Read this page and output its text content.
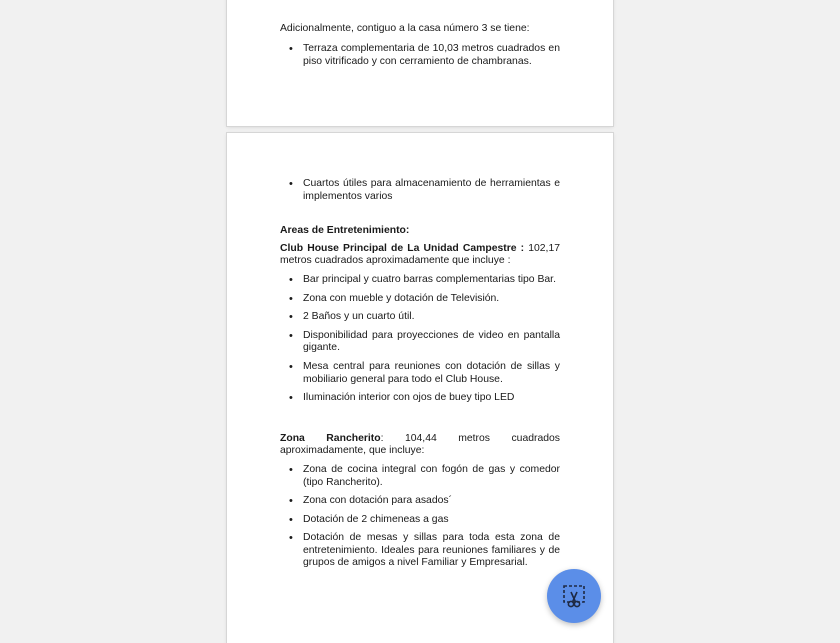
•

Adicionalmente, contiguo a la casa número 3 se tiene:

• Terraza complementaria de 10,03 metros cuadrados en piso vitrificado y con cerramiento de chambranas.
• Cuartos útiles para almacenamiento de herramientas e implementos varios

Areas de Entretenimiento:

Club House Principal de La Unidad Campestre : 102,17 metros cuadrados aproximadamente que incluye :

• Bar principal y cuatro barras complementarias tipo Bar.
• Zona con mueble y dotación de Televisión.
• 2 Baños y un cuarto útil.
• Disponibilidad para proyecciones de video en pantalla gigante.
• Mesa central para reuniones con dotación de sillas y mobiliario general para todo el Club House.
• Iluminación interior con ojos de buey tipo LED

Zona Rancherito: 104,44 metros cuadrados aproximadamente, que incluye:

• Zona de cocina integral con fogón de gas y comedor (tipo Rancherito).
• Zona con dotación para asados´
• Dotación de 2 chimeneas a gas
• Dotación de mesas y sillas para toda esta zona de entretenimiento. Ideales para reuniones familiares y de grupos de amigos a nivel Familiar y Empresarial.
